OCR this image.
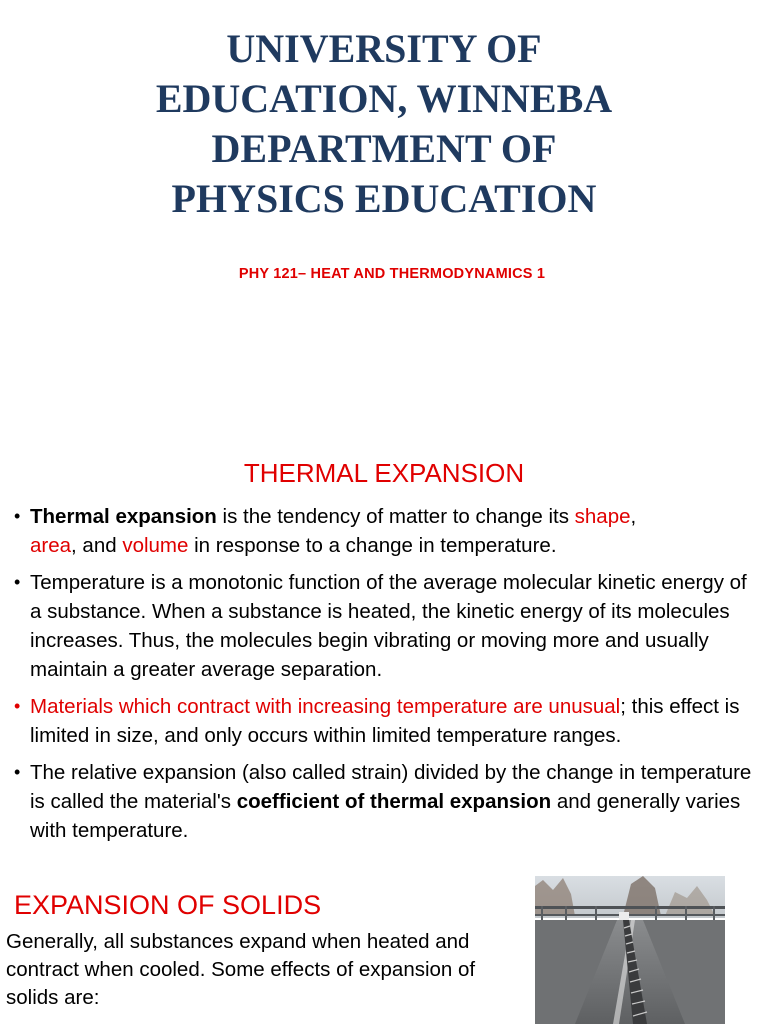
UNIVERSITY OF
EDUCATION, WINNEBA
DEPARTMENT OF
PHYSICS EDUCATION
PHY 121– HEAT AND THERMODYNAMICS 1
THERMAL EXPANSION
• Thermal expansion is the tendency of matter to change its shape,
area, and volume in response to a change in temperature.
• Temperature is a monotonic function of the average molecular kinetic energy of a substance. When a substance is heated, the kinetic energy of its molecules increases. Thus, the molecules begin vibrating or moving more and usually maintain a greater average separation.
• Materials which contract with increasing temperature are unusual; this effect is limited in size, and only occurs within limited temperature ranges.
• The relative expansion (also called strain) divided by the change in temperature is called the material's coefficient of thermal expansion and generally varies with temperature.
EXPANSION OF SOLIDS
Generally, all substances expand when heated and contract when cooled. Some effects of expansion of solids are:
